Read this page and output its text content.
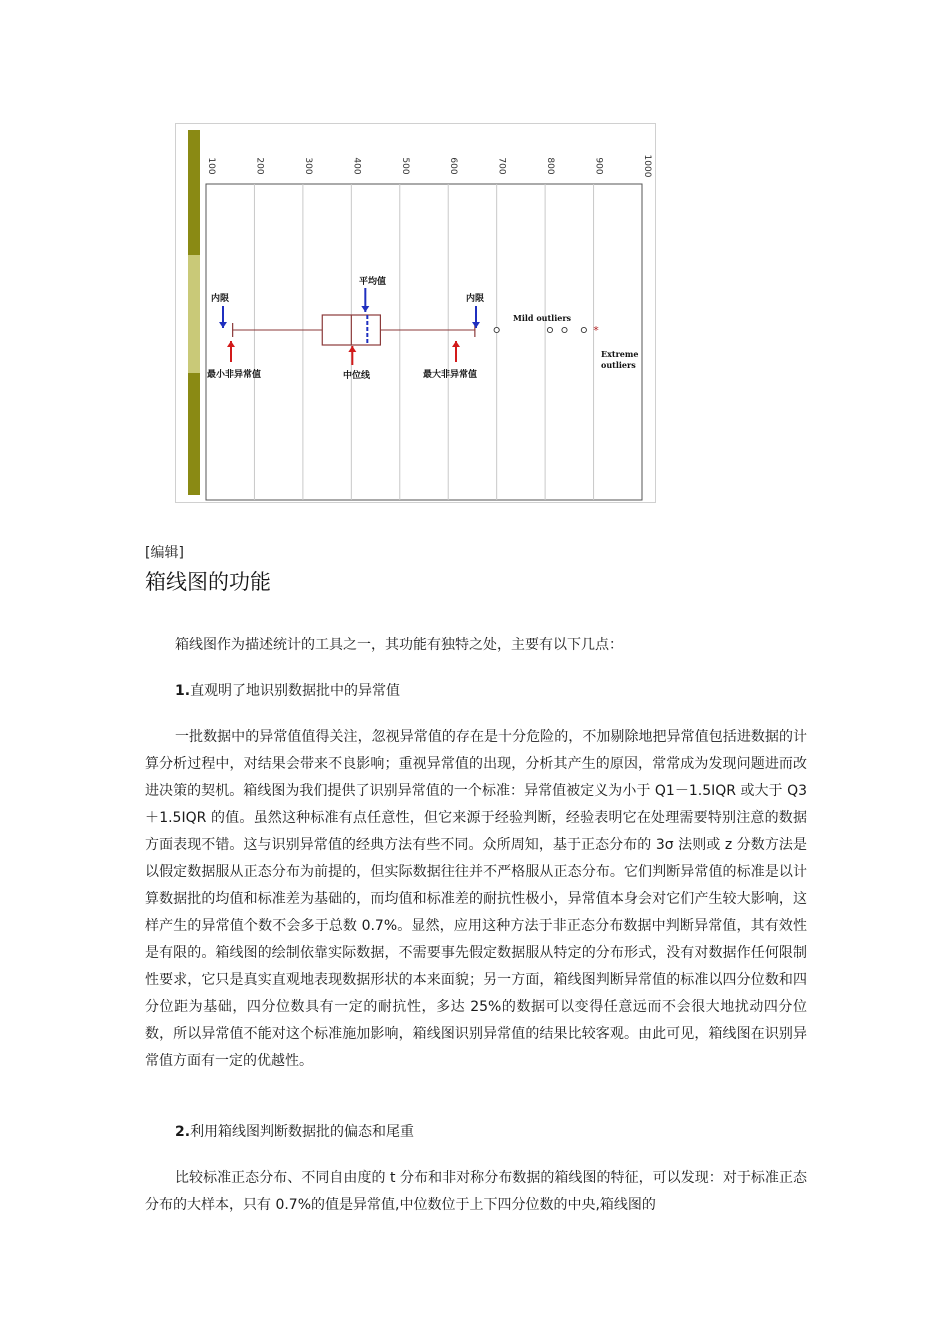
100	200	300	400	500	600	700	800	900	1000
*
平均值
内限	内限
最小非异常值	中位线	最大非异常值
Mild outliers
Extreme
outliers
[编辑]
箱线图的功能

箱线图作为描述统计的工具之一，其功能有独特之处，主要有以下几点：

1.直观明了地识别数据批中的异常值

一批数据中的异常值值得关注，忽视异常值的存在是十分危险的，不加剔除地把异常值包括进数据的计算分析过程中，对结果会带来不良影响；重视异常值的出现，分析其产生的原因，常常成为发现问题进而改进决策的契机。箱线图为我们提供了识别异常值的一个标准：异常值被定义为小于 Q1－1.5IQR 或大于 Q3＋1.5IQR 的值。虽然这种标准有点任意性，但它来源于经验判断，经验表明它在处理需要特别注意的数据方面表现不错。这与识别异常值的经典方法有些不同。众所周知，基于正态分布的 3σ 法则或 z 分数方法是以假定数据服从正态分布为前提的，但实际数据往往并不严格服从正态分布。它们判断异常值的标准是以计算数据批的均值和标准差为基础的，而均值和标准差的耐抗性极小，异常值本身会对它们产生较大影响，这样产生的异常值个数不会多于总数 0.7%。显然，应用这种方法于非正态分布数据中判断异常值，其有效性是有限的。箱线图的绘制依靠实际数据，不需要事先假定数据服从特定的分布形式，没有对数据作任何限制性要求，它只是真实直观地表现数据形状的本来面貌；另一方面，箱线图判断异常值的标准以四分位数和四分位距为基础，四分位数具有一定的耐抗性，多达 25%的数据可以变得任意远而不会很大地扰动四分位数，所以异常值不能对这个标准施加影响，箱线图识别异常值的结果比较客观。由此可见，箱线图在识别异常值方面有一定的优越性。

2.利用箱线图判断数据批的偏态和尾重

比较标准正态分布、不同自由度的 t 分布和非对称分布数据的箱线图的特征，可以发现：对于标准正态分布的大样本，只有 0.7%的值是异常值,中位数位于上下四分位数的中央,箱线图的
